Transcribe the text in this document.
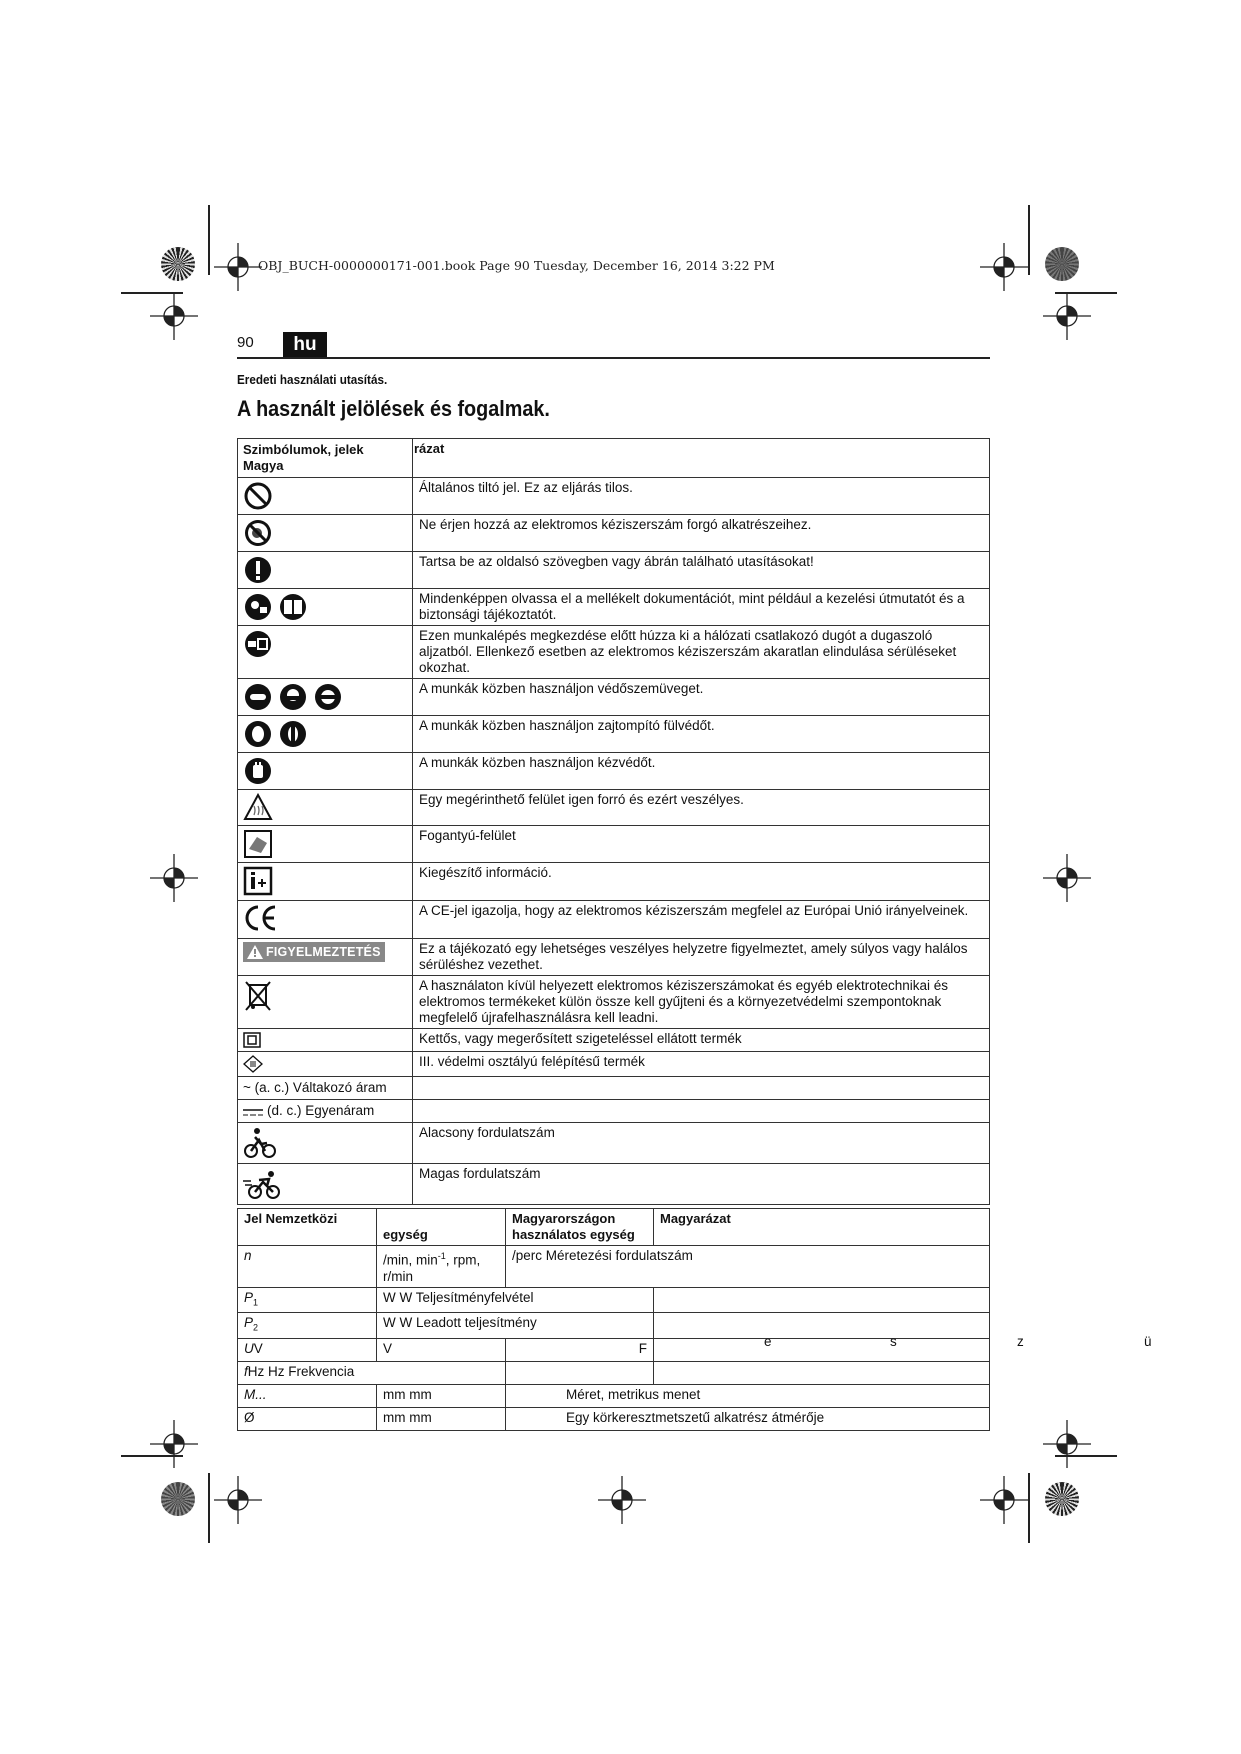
OBJ_BUCH-0000000171-001.book Page 90 Tuesday, December 16, 2014 3:22 PM
90	hu
Eredeti használati utasítás.
A használt jelölések és fogalmak.
Szimbólumok, jelek Magya	rázat
	Általános tiltó jel. Ez az eljárás tilos.
	Ne érjen hozzá az elektromos kéziszerszám forgó alkatrészeihez.
	Tartsa be az oldalsó szövegben vagy ábrán található utasításokat!
	Mindenképpen olvassa el a mellékelt dokumentációt, mint például a kezelési útmutatót és a biztonsági tájékoztatót.
	Ezen munkalépés megkezdése előtt húzza ki a hálózati csatlakozó dugót a dugaszoló aljzatból. Ellenkező esetben az elektromos kéziszerszám akaratlan elindulása sérüléseket okozhat.
	A munkák közben használjon védőszemüveget.
	A munkák közben használjon zajtompító fülvédőt.
	A munkák közben használjon kézvédőt.
	Egy megérinthető felület igen forró és ezért veszélyes.
	Fogantyú-felület
	Kiegészítő információ.
	A CE-jel igazolja, hogy az elektromos kéziszerszám megfelel az Európai Unió irányelveinek.

FIGYELMEZTETÉS	Ez a tájékozató egy lehetséges veszélyes helyzetre figyelmeztet, amely súlyos vagy halálos sérüléshez vezethet.
	A használaton kívül helyezett elektromos kéziszerszámokat és egyéb elektrotechnikai és elektromos termékeket külön össze kell gyűjteni és a környezetvédelmi szempontoknak megfelelő újrafelhasználásra kell leadni.
	Kettős, vagy megerősített szigeteléssel ellátott termék
	III. védelmi osztályú felépítésű termék
~ (a. c.) Váltakozó áram	
(d. c.) Egyenáram	
	Alacsony fordulatszám
	Magas fordulatszám
Jel Nemzetközi	egység	Magyarországon használatos egység	Magyarázat
n	/min, $\min^{-1}$, rpm, r/min	/perc Méretezési fordulatszám	
$P_1$	W W Teljesítményfelvétel		
$P_2$	W W Leadott teljesítmény		
UV	V	F	
fHz Hz Frekvencia			
M...	mm mm	Méret, metrikus menet	
Ø	mm mm	Egy körkeresztmetszetű alkatrész átmérője	
e	s	z	ü
